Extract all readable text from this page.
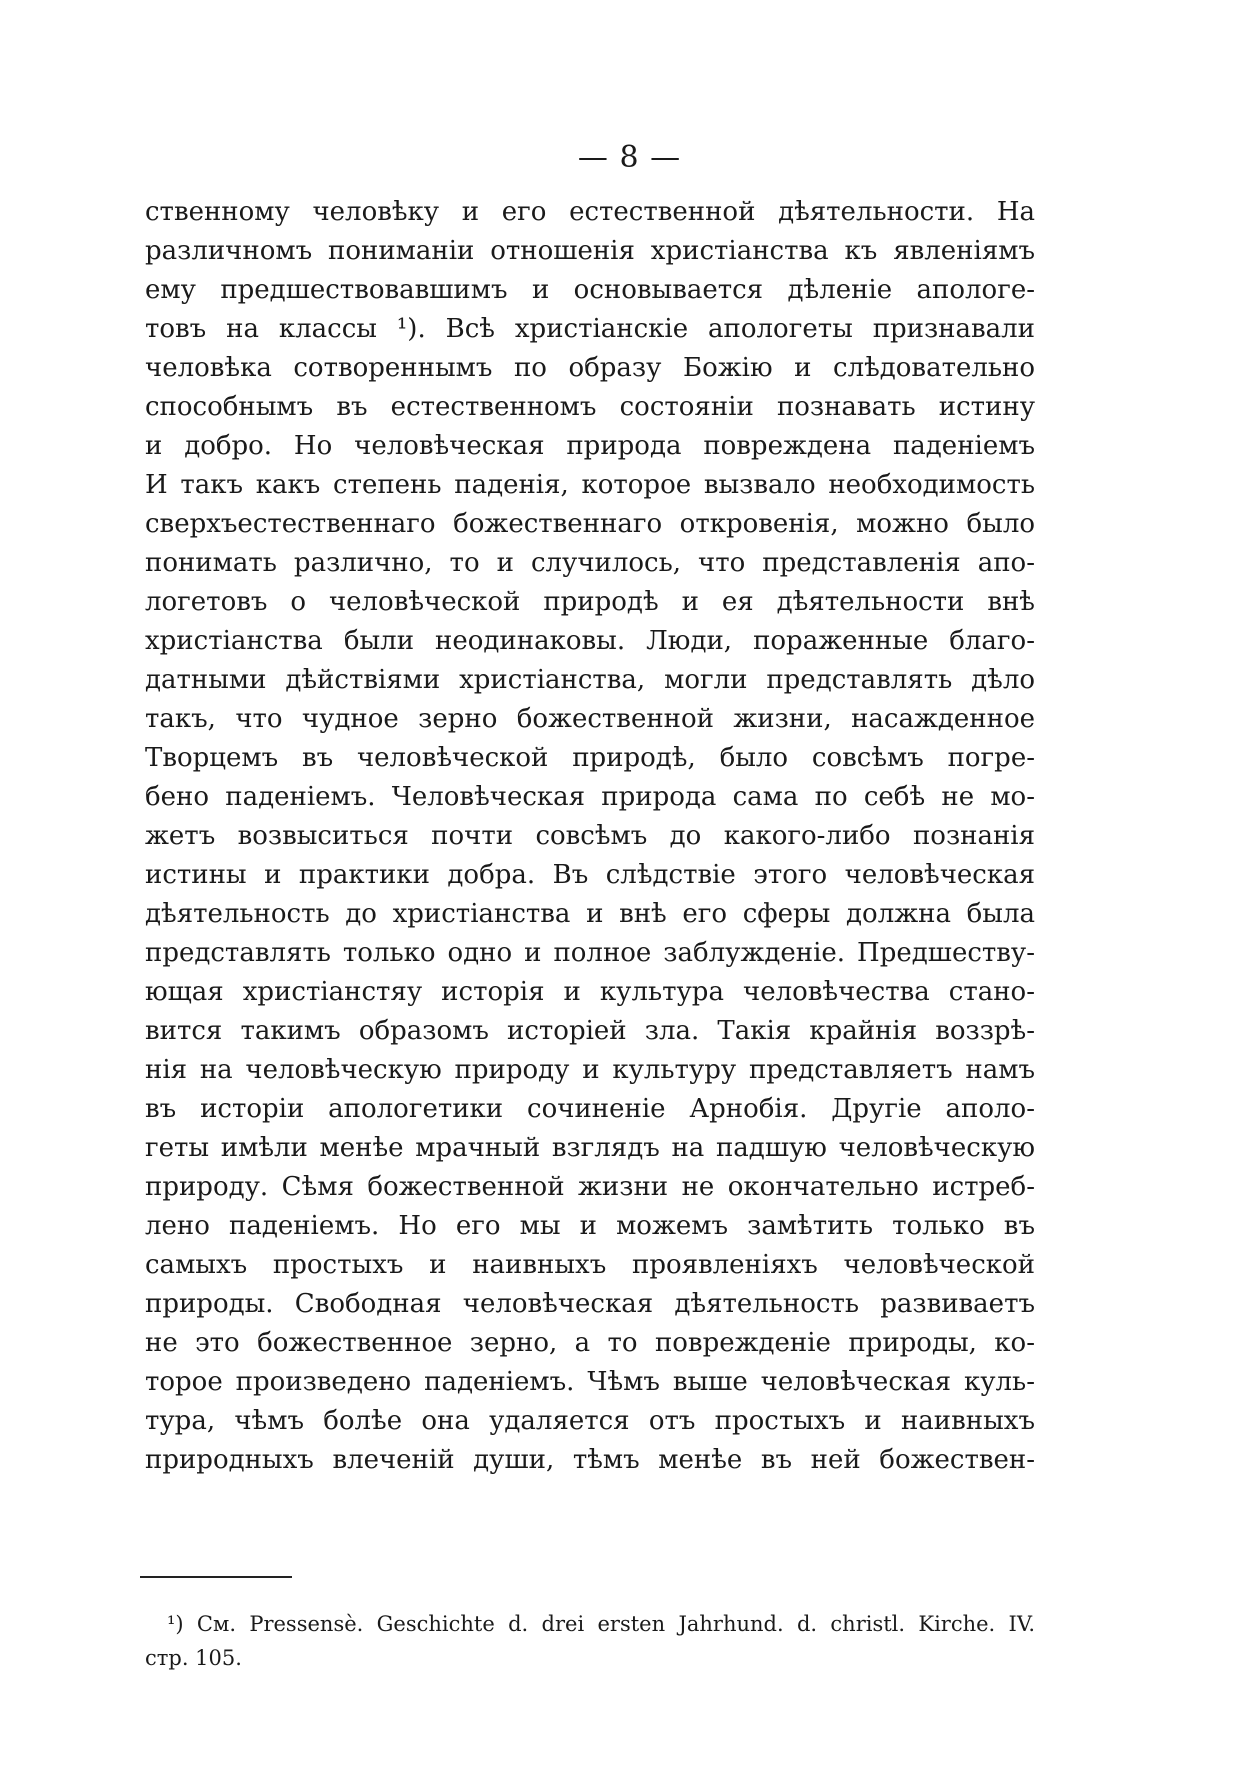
— 8 —
ственному человѣку и его естественной дѣятельности. На
различномъ пониманіи отношенія христіанства къ явленіямъ
ему предшествовавшимъ и основывается дѣленіе апологе-
товъ на классы ¹). Всѣ христіанскіе апологеты признавали
человѣка сотвореннымъ по образу Божію и слѣдовательно
способнымъ въ естественномъ состояніи познавать истину
и добро. Но человѣческая природа повреждена паденіемъ
И такъ какъ степень паденія, которое вызвало необходимость
сверхъестественнаго божественнаго откровенія, можно было
понимать различно, то и случилось, что представленія апо-
логетовъ о человѣческой природѣ и ея дѣятельности внѣ
христіанства были неодинаковы. Люди, пораженные благо-
датными дѣйствіями христіанства, могли представлять дѣло
такъ, что чудное зерно божественной жизни, насажденное
Творцемъ въ человѣческой природѣ, было совсѣмъ погре-
бено паденіемъ. Человѣческая природа сама по себѣ не мо-
жетъ возвыситься почти совсѣмъ до какого-либо познанія
истины и практики добра. Въ слѣдствіе этого человѣческая
дѣятельность до христіанства и внѣ его сферы должна была
представлять только одно и полное заблужденіе. Предшеству-
ющая христіанстяу исторія и культура человѣчества стано-
вится такимъ образомъ исторіей зла. Такія крайнія воззрѣ-
нія на человѣческую природу и культуру представляетъ намъ
въ исторіи апологетики сочиненіе Арнобія. Другіе аполо-
геты имѣли менѣе мрачный взглядъ на падшую человѣческую
природу. Сѣмя божественной жизни не окончательно истреб-
лено паденіемъ. Но его мы и можемъ замѣтить только въ
самыхъ простыхъ и наивныхъ проявленіяхъ человѣческой
природы. Свободная человѣческая дѣятельность развиваетъ
не это божественное зерно, а то поврежденіе природы, ко-
торое произведено паденіемъ. Чѣмъ выше человѣческая куль-
тура, чѣмъ болѣе она удаляется отъ простыхъ и наивныхъ
природныхъ влеченій души, тѣмъ менѣе въ ней божествен-
¹) См. Pressensè. Geschichte d. drei ersten Jahrhund. d. christl. Kirche. IV.
стр. 105.
